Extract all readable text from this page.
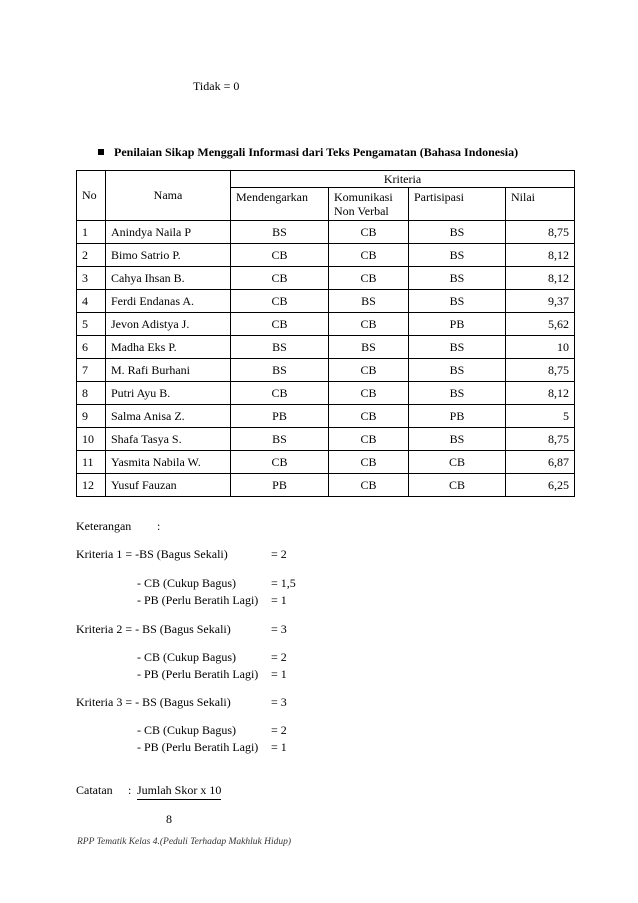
Tidak = 0
Penilaian Sikap Menggali Informasi dari Teks Pengamatan (Bahasa Indonesia)
No	Nama	Kriteria			
		Mendengarkan	Komunikasi Non Verbal	Partisipasi	Nilai
1	Anindya Naila P	BS	CB	BS	8,75
2	Bimo Satrio P.	CB	CB	BS	8,12
3	Cahya Ihsan B.	CB	CB	BS	8,12
4	Ferdi Endanas A.	CB	BS	BS	9,37
5	Jevon Adistya J.	CB	CB	PB	5,62
6	Madha Eks P.	BS	BS	BS	10
7	M. Rafi Burhani	BS	CB	BS	8,75
8	Putri Ayu B.	CB	CB	BS	8,12
9	Salma Anisa Z.	PB	CB	PB	5
10	Shafa Tasya S.	BS	CB	BS	8,75
11	Yasmita Nabila W.	CB	CB	CB	6,87
12	Yusuf Fauzan	PB	CB	CB	6,25
Keterangan :
Kriteria 1 = -BS (Bagus Sekali)	= 2
- CB (Cukup Bagus)	= 1,5
- PB (Perlu Beratih Lagi) = 1
Kriteria 2 = - BS (Bagus Sekali)	= 3
- CB (Cukup Bagus)	= 2
- PB (Perlu Beratih Lagi) = 1
Kriteria 3 = - BS (Bagus Sekali)	= 3
- CB (Cukup Bagus)	= 2
- PB (Perlu Beratih Lagi) = 1
Catatan : Jumlah Skor x 10
8
RPP Tematik Kelas 4.(Peduli Terhadap Makhluk Hidup)
